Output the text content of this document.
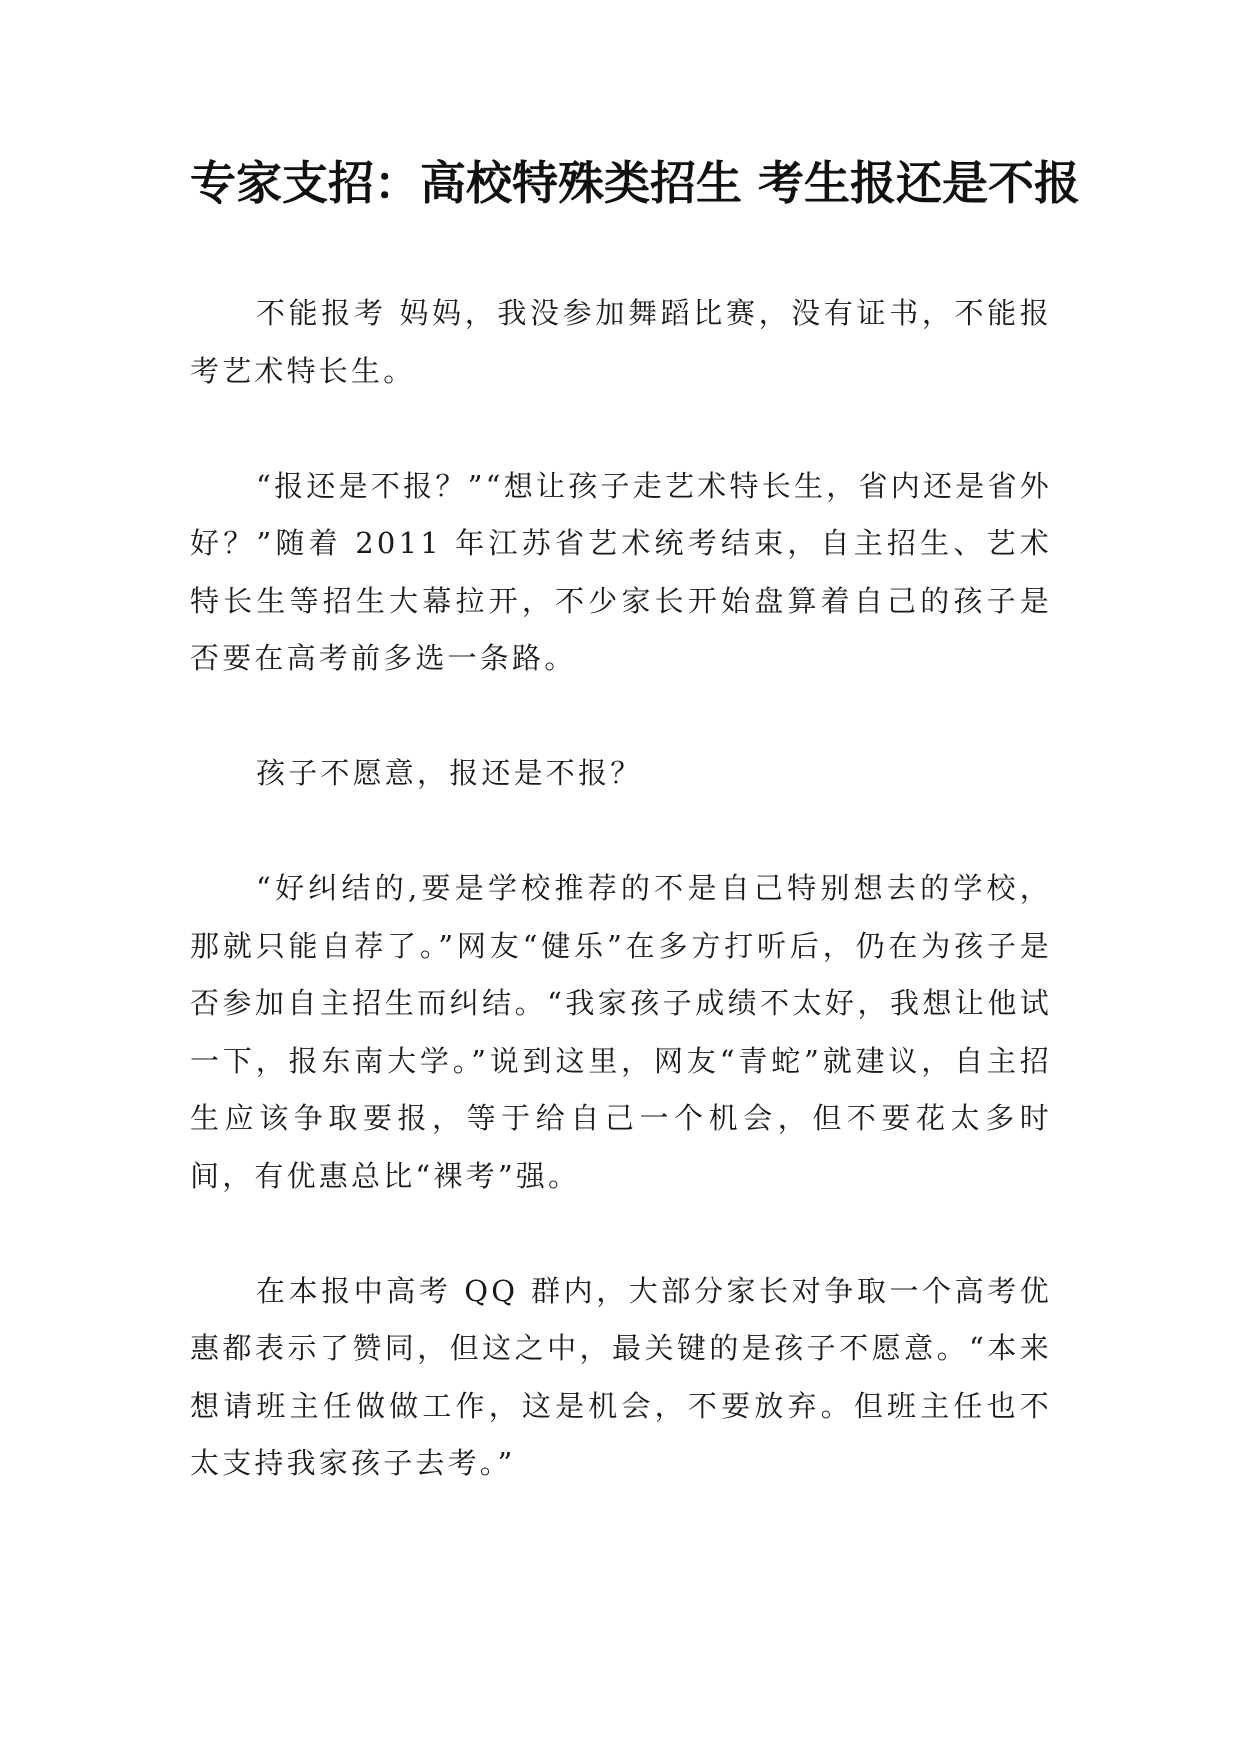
专家支招：高校特殊类招生 考生报还是不报

不能报考 妈妈，我没参加舞蹈比赛，没有证书，不能报考艺术特长生。

“报还是不报？”“想让孩子走艺术特长生，省内还是省外好？”随着 2011 年江苏省艺术统考结束，自主招生、艺术特长生等招生大幕拉开，不少家长开始盘算着自己的孩子是否要在高考前多选一条路。

孩子不愿意，报还是不报？

“好纠结的,要是学校推荐的不是自己特别想去的学校，那就只能自荐了。”网友“健乐”在多方打听后，仍在为孩子是否参加自主招生而纠结。“我家孩子成绩不太好，我想让他试一下，报东南大学。”说到这里，网友“青蛇”就建议，自主招生应该争取要报，等于给自己一个机会，但不要花太多时间，有优惠总比“裸考”强。

在本报中高考 QQ 群内，大部分家长对争取一个高考优惠都表示了赞同，但这之中，最关键的是孩子不愿意。“本来想请班主任做做工作，这是机会，不要放弃。但班主任也不太支持我家孩子去考。”
